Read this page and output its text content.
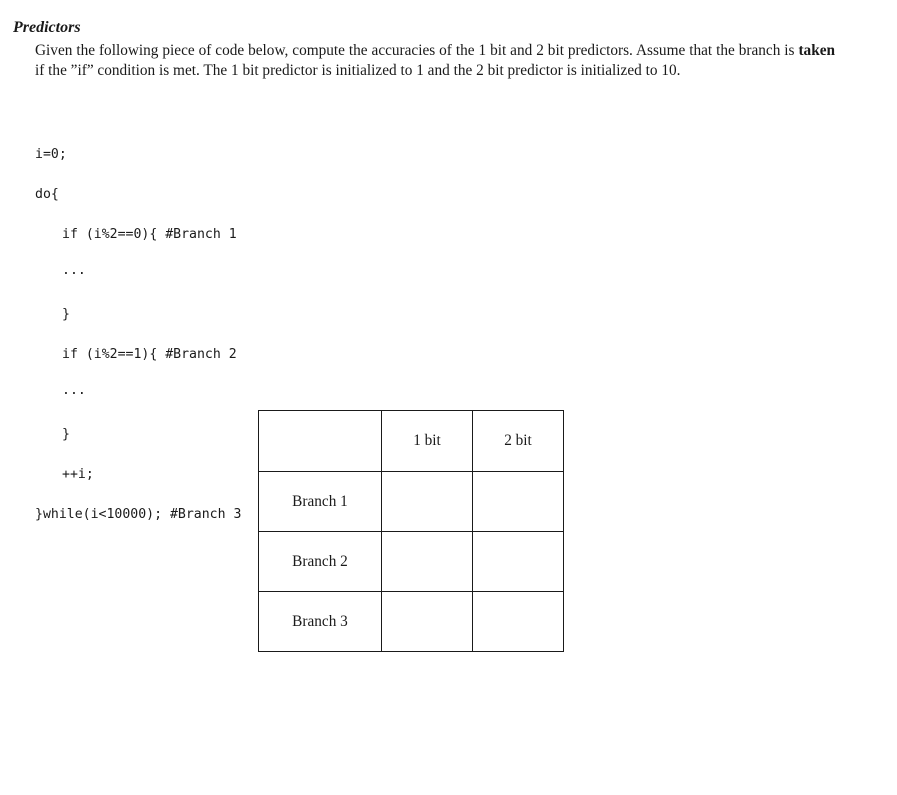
Predictors
Given the following piece of code below, compute the accuracies of the 1 bit and 2 bit predictors. Assume that the branch is taken if the ”if” condition is met. The 1 bit predictor is initialized to 1 and the 2 bit predictor is initialized to 10.

i=0;

do{

if (i%2==0){ #Branch 1

...

}

if (i%2==1){ #Branch 2

...

}

++i;

}while(i<10000); #Branch 3

	1 bit	2 bit
Branch 1		
Branch 2		
Branch 3		
